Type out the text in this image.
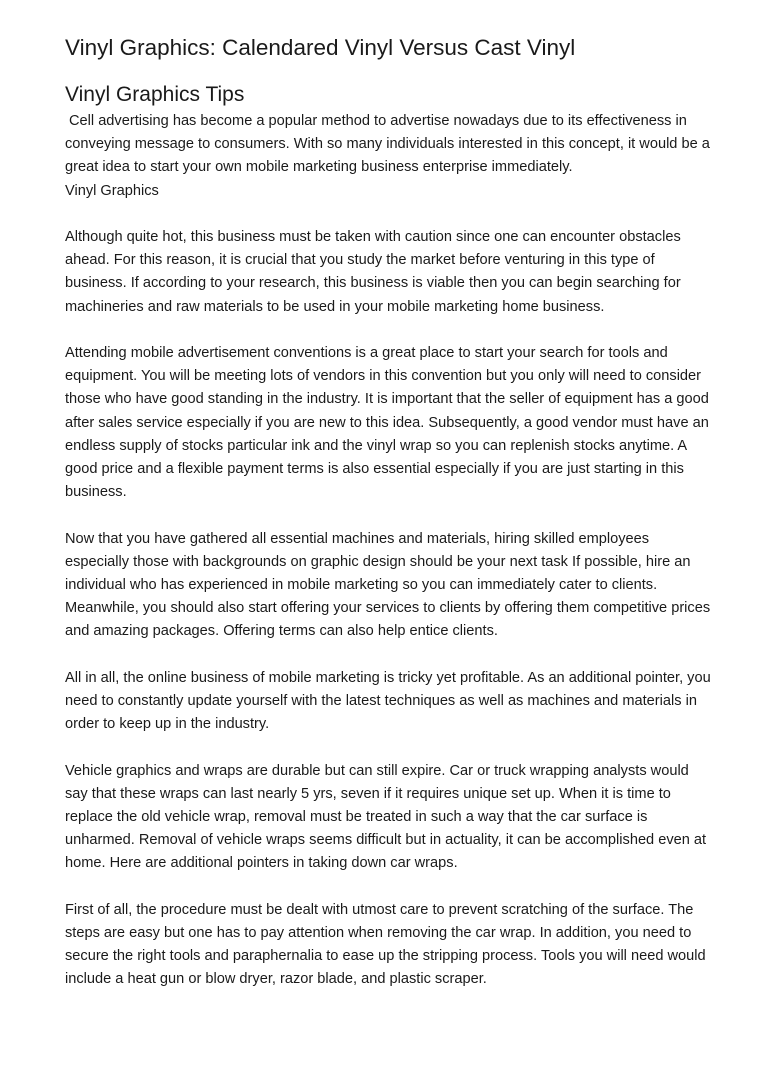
Vinyl Graphics: Calendared Vinyl Versus Cast Vinyl
Vinyl Graphics Tips

Cell advertising has become a popular method to advertise nowadays due to its effectiveness in conveying message to consumers. With so many individuals interested in this concept, it would be a great idea to start your own mobile marketing business enterprise immediately.

Vinyl Graphics

Although quite hot, this business must be taken with caution since one can encounter obstacles ahead. For this reason, it is crucial that you study the market before venturing in this type of business. If according to your research, this business is viable then you can begin searching for machineries and raw materials to be used in your mobile marketing home business.

Attending mobile advertisement conventions is a great place to start your search for tools and equipment. You will be meeting lots of vendors in this convention but you only will need to consider those who have good standing in the industry. It is important that the seller of equipment has a good after sales service especially if you are new to this idea. Subsequently, a good vendor must have an endless supply of stocks particular ink and the vinyl wrap so you can replenish stocks anytime. A good price and a flexible payment terms is also essential especially if you are just starting in this business.

Now that you have gathered all essential machines and materials, hiring skilled employees especially those with backgrounds on graphic design should be your next task If possible, hire an individual who has experienced in mobile marketing so you can immediately cater to clients. Meanwhile, you should also start offering your services to clients by offering them competitive prices and amazing packages. Offering terms can also help entice clients.

All in all, the online business of mobile marketing is tricky yet profitable. As an additional pointer, you need to constantly update yourself with the latest techniques as well as machines and materials in order to keep up in the industry.

Vehicle graphics and wraps are durable but can still expire. Car or truck wrapping analysts would say that these wraps can last nearly 5 yrs, seven if it requires unique set up. When it is time to replace the old vehicle wrap, removal must be treated in such a way that the car surface is unharmed. Removal of vehicle wraps seems difficult but in actuality, it can be accomplished even at home. Here are additional pointers in taking down car wraps.

First of all, the procedure must be dealt with utmost care to prevent scratching of the surface. The steps are easy but one has to pay attention when removing the car wrap. In addition, you need to secure the right tools and paraphernalia to ease up the stripping process. Tools you will need would include a heat gun or blow dryer, razor blade, and plastic scraper.
